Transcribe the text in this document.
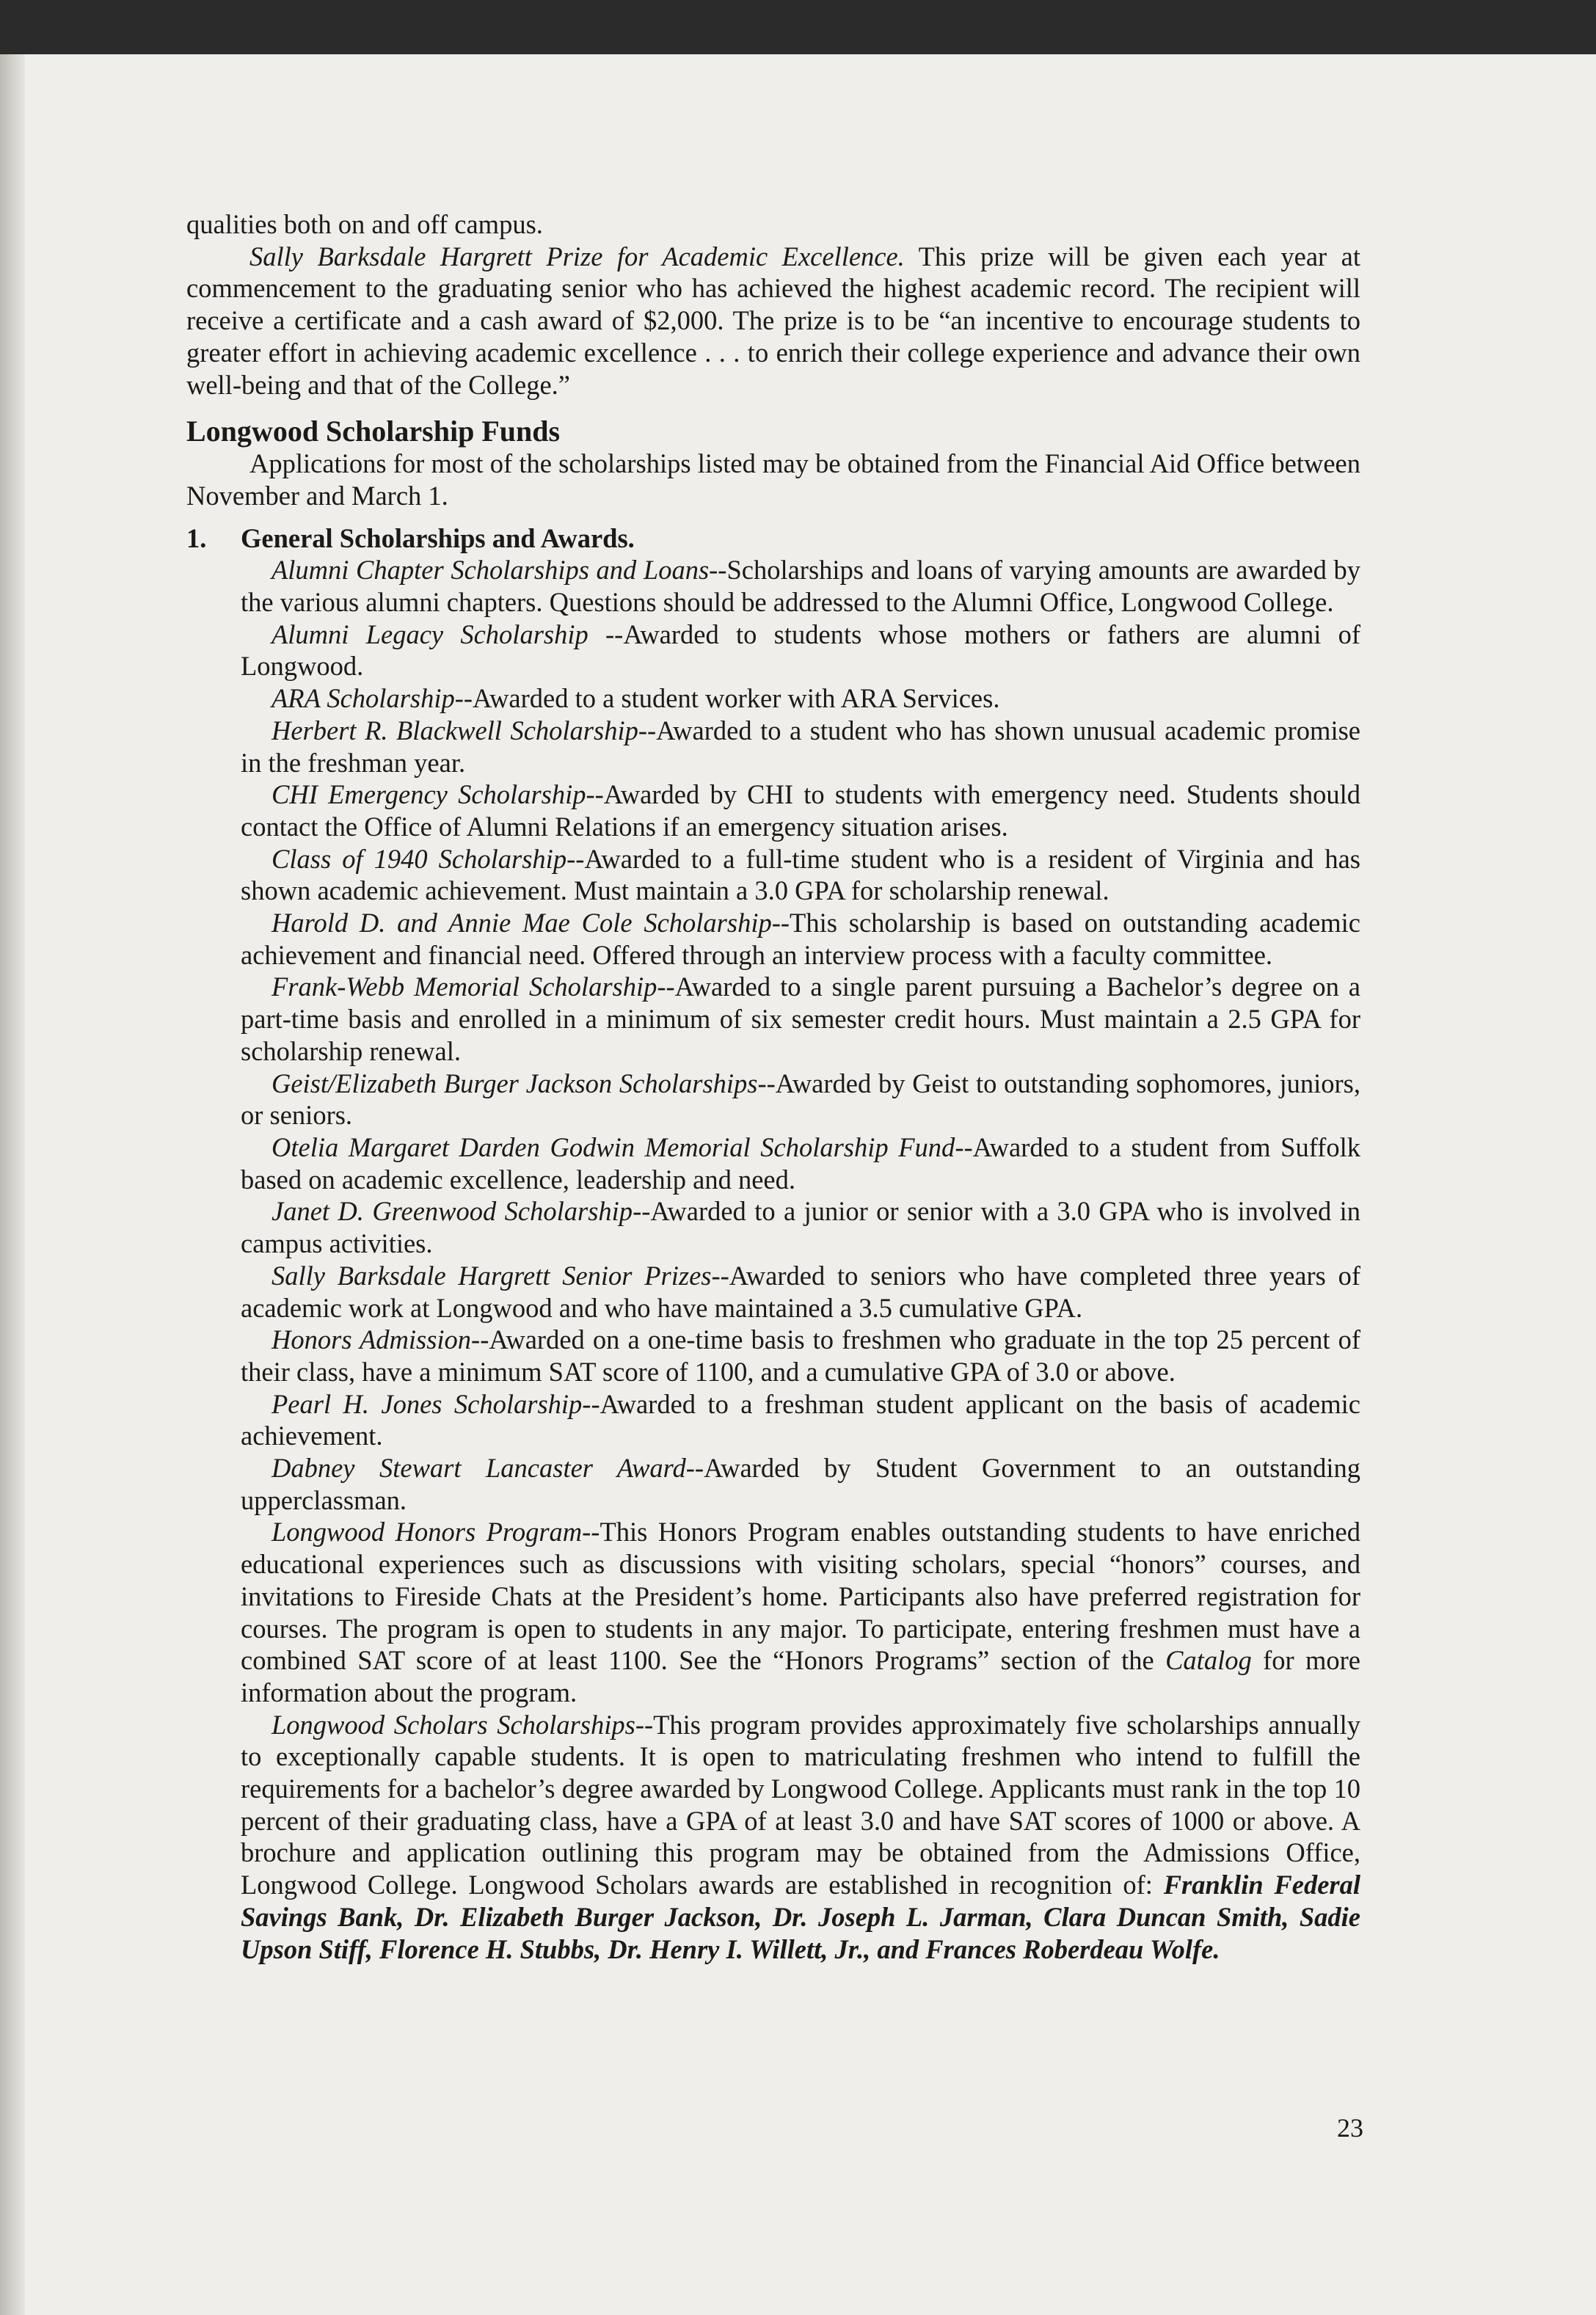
qualities both on and off campus.

Sally Barksdale Hargrett Prize for Academic Excellence. This prize will be given each year at commencement to the graduating senior who has achieved the highest academic record. The recipient will receive a certificate and a cash award of $2,000. The prize is to be “an incentive to encourage students to greater effort in achieving academic excellence . . . to enrich their college experience and advance their own well-being and that of the College.”

Longwood Scholarship Funds

Applications for most of the scholarships listed may be obtained from the Financial Aid Office between November and March 1.

1. General Scholarships and Awards.

Alumni Chapter Scholarships and Loans--Scholarships and loans of varying amounts are awarded by the various alumni chapters. Questions should be addressed to the Alumni Office, Longwood College.

Alumni Legacy Scholarship --Awarded to students whose mothers or fathers are alumni of Longwood.

ARA Scholarship--Awarded to a student worker with ARA Services.

Herbert R. Blackwell Scholarship--Awarded to a student who has shown unusual academic promise in the freshman year.

CHI Emergency Scholarship--Awarded by CHI to students with emergency need. Students should contact the Office of Alumni Relations if an emergency situation arises.

Class of 1940 Scholarship--Awarded to a full-time student who is a resident of Virginia and has shown academic achievement. Must maintain a 3.0 GPA for scholarship renewal.

Harold D. and Annie Mae Cole Scholarship--This scholarship is based on outstanding academic achievement and financial need. Offered through an interview process with a faculty committee.

Frank-Webb Memorial Scholarship--Awarded to a single parent pursuing a Bachelor’s degree on a part-time basis and enrolled in a minimum of six semester credit hours. Must maintain a 2.5 GPA for scholarship renewal.

Geist/Elizabeth Burger Jackson Scholarships--Awarded by Geist to outstanding sophomores, juniors, or seniors.

Otelia Margaret Darden Godwin Memorial Scholarship Fund--Awarded to a student from Suffolk based on academic excellence, leadership and need.

Janet D. Greenwood Scholarship--Awarded to a junior or senior with a 3.0 GPA who is involved in campus activities.

Sally Barksdale Hargrett Senior Prizes--Awarded to seniors who have completed three years of academic work at Longwood and who have maintained a 3.5 cumulative GPA.

Honors Admission--Awarded on a one-time basis to freshmen who graduate in the top 25 percent of their class, have a minimum SAT score of 1100, and a cumulative GPA of 3.0 or above.

Pearl H. Jones Scholarship--Awarded to a freshman student applicant on the basis of academic achievement.

Dabney Stewart Lancaster Award--Awarded by Student Government to an outstanding upperclassman.

Longwood Honors Program--This Honors Program enables outstanding students to have enriched educational experiences such as discussions with visiting scholars, special “honors” courses, and invitations to Fireside Chats at the President’s home. Participants also have preferred registration for courses. The program is open to students in any major. To participate, entering freshmen must have a combined SAT score of at least 1100. See the “Honors Programs” section of the Catalog for more information about the program.

Longwood Scholars Scholarships--This program provides approximately five scholarships annually to exceptionally capable students. It is open to matriculating freshmen who intend to fulfill the requirements for a bachelor’s degree awarded by Longwood College. Applicants must rank in the top 10 percent of their graduating class, have a GPA of at least 3.0 and have SAT scores of 1000 or above. A brochure and application outlining this program may be obtained from the Admissions Office, Longwood College. Longwood Scholars awards are established in recognition of: Franklin Federal Savings Bank, Dr. Elizabeth Burger Jackson, Dr. Joseph L. Jarman, Clara Duncan Smith, Sadie Upson Stiff, Florence H. Stubbs, Dr. Henry I. Willett, Jr., and Frances Roberdeau Wolfe.

23
